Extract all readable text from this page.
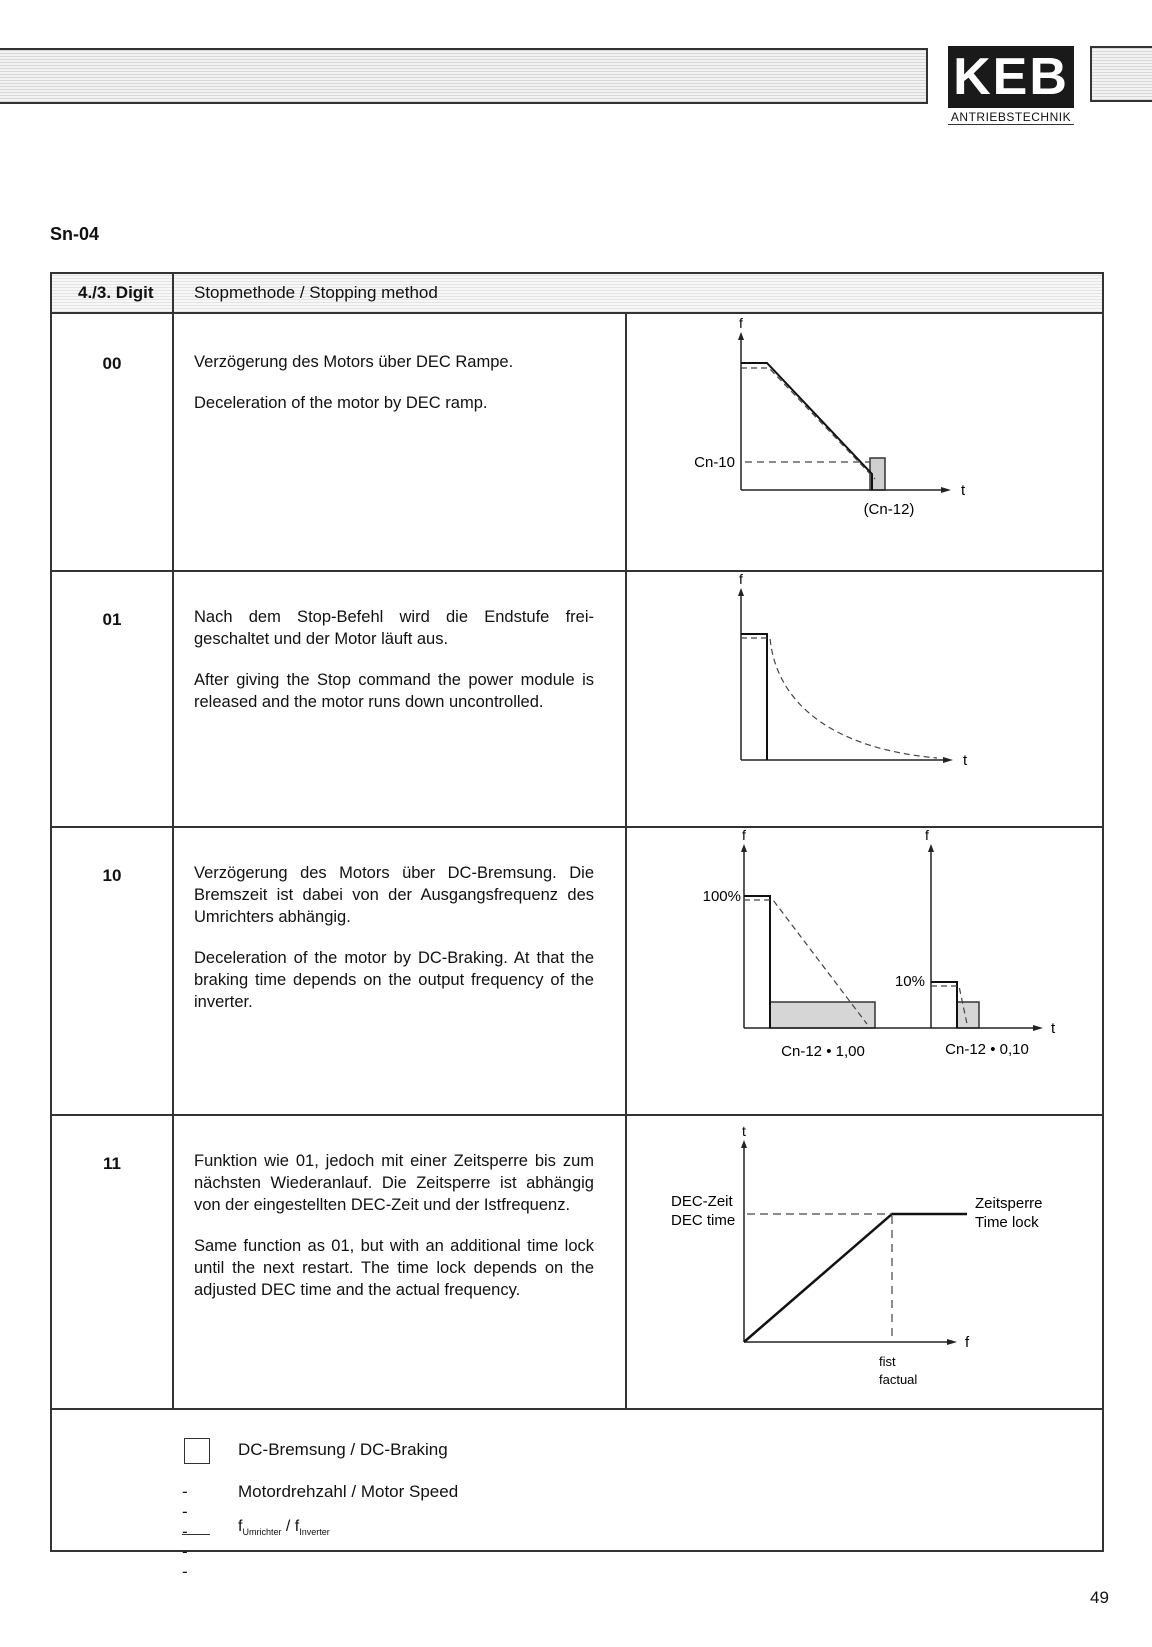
KEB
ANTRIEBSTECHNIK
Sn-04
4./3. Digit Stopmethode / Stopping method
00	Verzögerung des Motors über DEC Rampe.

Deceleration of the motor by DEC ramp.

f
t
Cn-10
(Cn-12)
01	Nach dem Stop-Befehl wird die Endstufe frei-geschaltet und der Motor läuft aus.

After giving the Stop command the power module is released and the motor runs down uncontrolled.

f
t
10	Verzögerung des Motors über DC-Bremsung. Die Bremszeit ist dabei von der Ausgangsfrequenz des Umrichters abhängig.

Deceleration of the motor by DC-Braking. At that the braking time depends on the output frequency of the inverter.

f	f
t
100%
10%
Cn-12 • 1,00	Cn-12 • 0,10
11	Funktion wie 01, jedoch mit einer Zeitsperre bis zum nächsten Wiederanlauf. Die Zeitsperre ist abhängig von der eingestellten DEC-Zeit und der Istfrequenz.

Same function as 01, but with an additional time lock until the next restart. The time lock depends on the adjusted DEC time and the actual frequency.

t
f
DEC-Zeit
DEC time
Zeitsperre
Time lock
fist
factual
DC-Bremsung / DC-Braking
-----
Motordrehzahl / Motor Speed
$f_{Umrichter} / f_{Inverter}$
49
